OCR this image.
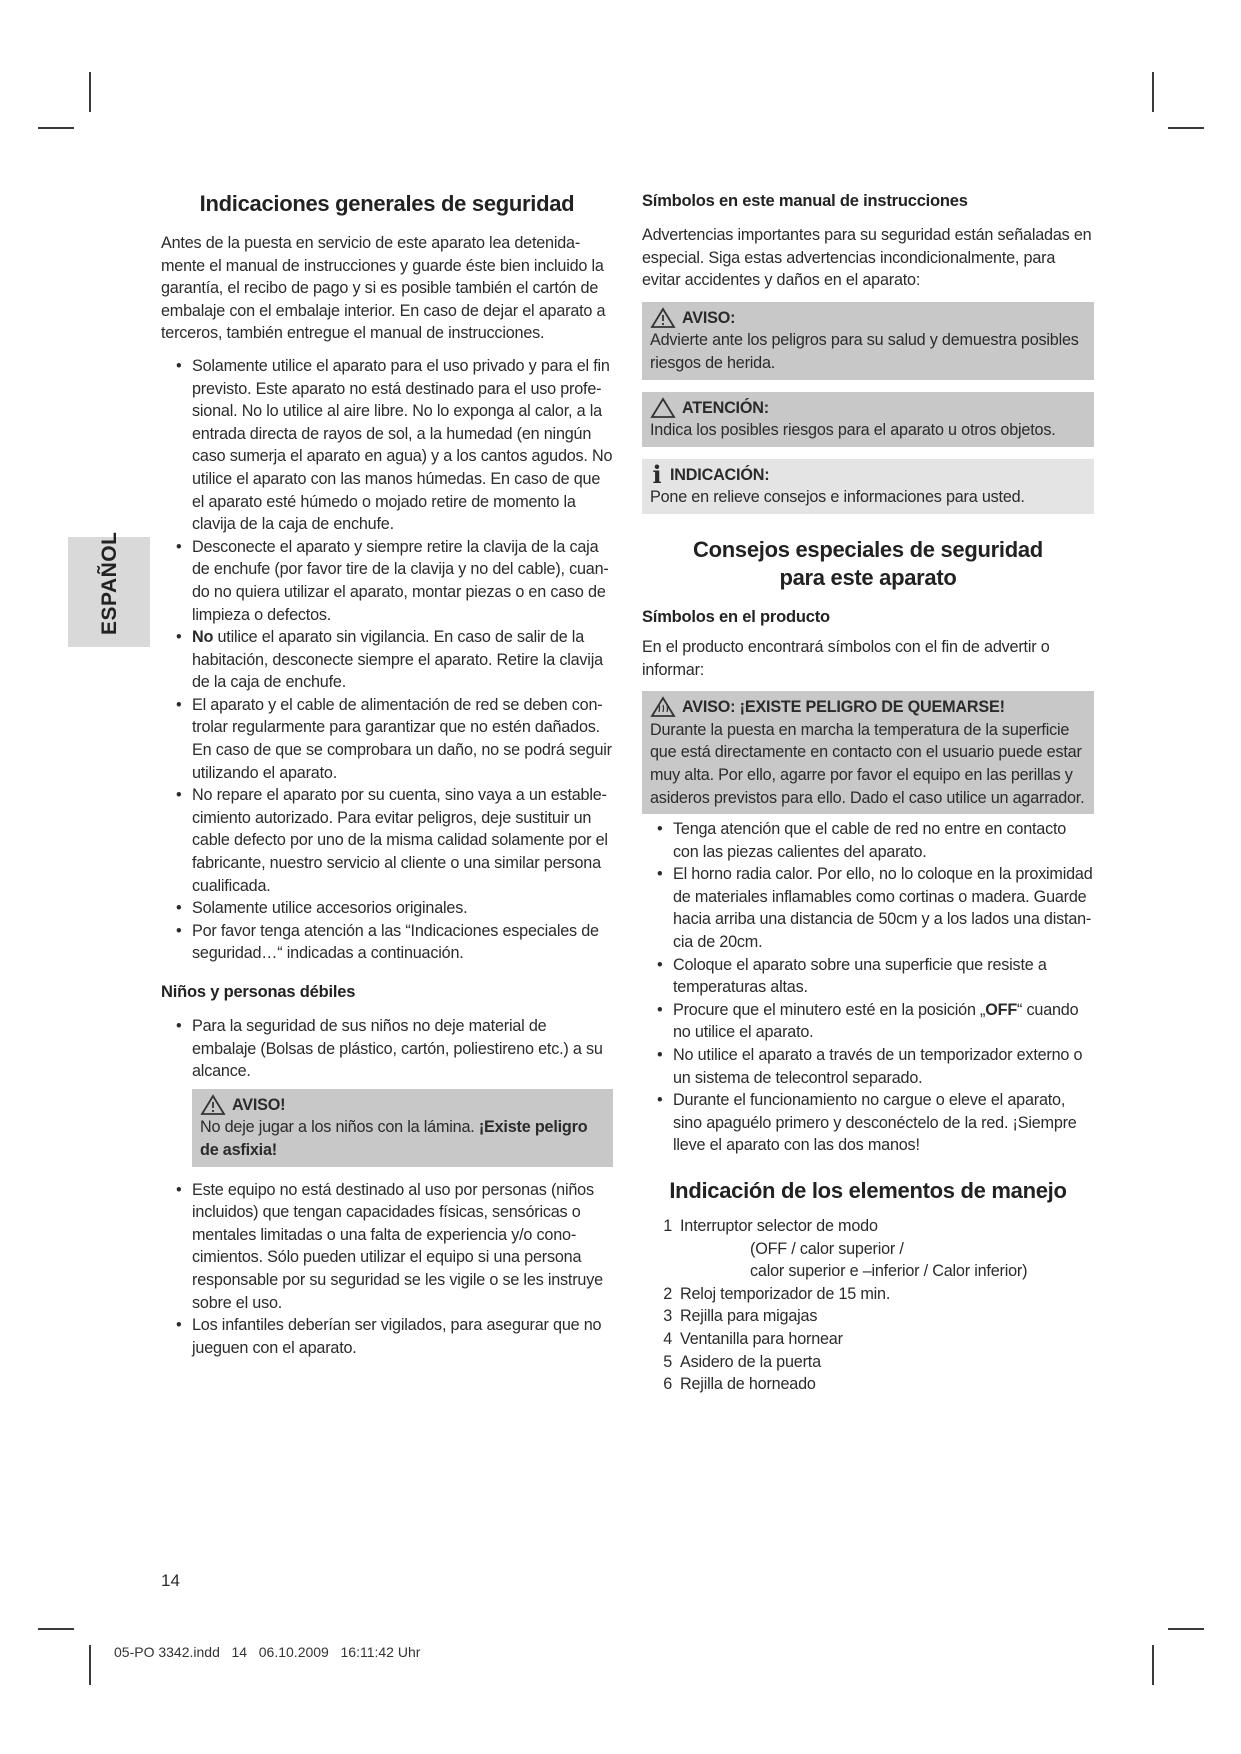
ESPAÑOL
Indicaciones generales de seguridad

Antes de la puesta en servicio de este aparato lea detenida-mente el manual de instrucciones y guarde éste bien incluido la garantía, el recibo de pago y si es posible también el cartón de embalaje con el embalaje interior. En caso de dejar el aparato a terceros, también entregue el manual de instrucciones.

• Solamente utilice el aparato para el uso privado y para el fin previsto. Este aparato no está destinado para el uso profe-sional. No lo utilice al aire libre. No lo exponga al calor, a la entrada directa de rayos de sol, a la humedad (en ningún caso sumerja el aparato en agua) y a los cantos agudos. No utilice el aparato con las manos húmedas. En caso de que el aparato esté húmedo o mojado retire de momento la clavija de la caja de enchufe.
• Desconecte el aparato y siempre retire la clavija de la caja de enchufe (por favor tire de la clavija y no del cable), cuan-do no quiera utilizar el aparato, montar piezas o en caso de limpieza o defectos.
• No utilice el aparato sin vigilancia. En caso de salir de la habitación, desconecte siempre el aparato. Retire la clavija de la caja de enchufe.
• El aparato y el cable de alimentación de red se deben con-trolar regularmente para garantizar que no estén dañados. En caso de que se comprobara un daño, no se podrá seguir utilizando el aparato.
• No repare el aparato por su cuenta, sino vaya a un estable-cimiento autorizado. Para evitar peligros, deje sustituir un cable defecto por uno de la misma calidad solamente por el fabricante, nuestro servicio al cliente o una similar persona cualificada.
• Solamente utilice accesorios originales.
• Por favor tenga atención a las “Indicaciones especiales de seguridad…“ indicadas a continuación.
Niños y personas débiles
• Para la seguridad de sus niños no deje material de embalaje (Bolsas de plástico, cartón, poliestireno etc.) a su alcance.
AVISO!
No deje jugar a los niños con la lámina. ¡Existe peligro de asfixia!
• Este equipo no está destinado al uso por personas (niños incluidos) que tengan capacidades físicas, sensóricas o mentales limitadas o una falta de experiencia y/o cono-cimientos. Sólo pueden utilizar el equipo si una persona responsable por su seguridad se les vigile o se les instruye sobre el uso.
• Los infantiles deberían ser vigilados, para asegurar que no jueguen con el aparato.
Símbolos en este manual de instrucciones

Advertencias importantes para su seguridad están señaladas en especial. Siga estas advertencias incondicionalmente, para evitar accidentes y daños en el aparato:

AVISO:
Advierte ante los peligros para su salud y demuestra posibles riesgos de herida.
ATENCIÓN:
Indica los posibles riesgos para el aparato u otros objetos.
i INDICACIÓN:
Pone en relieve consejos e informaciones para usted.
Consejos especiales de seguridad
para este aparato
Símbolos en el producto

En el producto encontrará símbolos con el fin de advertir o informar:

AVISO: ¡EXISTE PELIGRO DE QUEMARSE!
Durante la puesta en marcha la temperatura de la superficie que está directamente en contacto con el usuario puede estar muy alta. Por ello, agarre por favor el equipo en las perillas y asideros previstos para ello. Dado el caso utilice un agarrador.
• Tenga atención que el cable de red no entre en contacto con las piezas calientes del aparato.
• El horno radia calor. Por ello, no lo coloque en la proximidad de materiales inflamables como cortinas o madera. Guarde hacia arriba una distancia de 50cm y a los lados una distan-cia de 20cm.
• Coloque el aparato sobre una superficie que resiste a temperaturas altas.
• Procure que el minutero esté en la posición „OFF“ cuando no utilice el aparato.
• No utilice el aparato a través de un temporizador externo o un sistema de telecontrol separado.
• Durante el funcionamiento no cargue o eleve el aparato, sino apaguélo primero y desconéctelo de la red. ¡Siempre lleve el aparato con las dos manos!
Indicación de los elementos de manejo
1 Interruptor selector de modo
(OFF / calor superior /
calor superior e –inferior / Calor inferior)
2 Reloj temporizador de 15 min.
3 Rejilla para migajas
4 Ventanilla para hornear
5 Asidero de la puerta
6 Rejilla de horneado
14
05-PO 3342.indd   14   06.10.2009   16:11:42 Uhr
